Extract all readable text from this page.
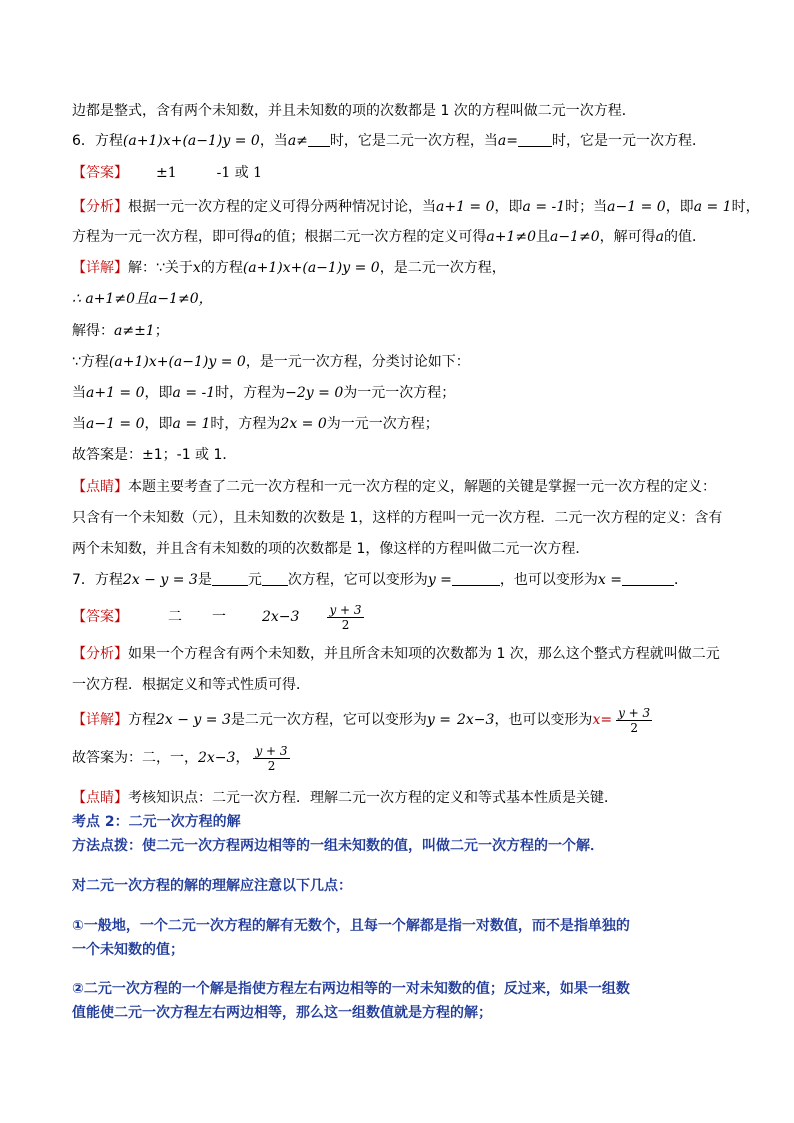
边都是整式，含有两个未知数，并且未知数的项的次数都是 1 次的方程叫做二元一次方程．
6．方程(a+1)x+(a−1)y = 0，当a≠ 时，它是二元一次方程，当a= 时，它是一元一次方程．
【答案】 ±1	-1 或 1
【分析】根据一元一次方程的定义可得分两种情况讨论，当a+1 = 0，即a = -1时；当a−1 = 0，即a = 1时，
方程为一元一次方程，即可得a的值；根据二元一次方程的定义可得a+1≠0且a−1≠0，解可得a的值．
【详解】解：∵关于x的方程(a+1)x+(a−1)y = 0，是二元一次方程，
∴ a+1≠0且a−1≠0，
解得：a≠±1；
∵方程(a+1)x+(a−1)y = 0，是一元一次方程，分类讨论如下：
当a+1 = 0，即a = -1时，方程为−2y = 0为一元一次方程；
当a−1 = 0，即a = 1时，方程为2x = 0为一元一次方程；
故答案是：±1；-1 或 1．
【点睛】本题主要考查了二元一次方程和一元一次方程的定义，解题的关键是掌握一元一次方程的定义：
只含有一个未知数（元），且未知数的次数是 1，这样的方程叫一元一次方程．二元一次方程的定义：含有
两个未知数，并且含有未知数的项的次数都是 1，像这样的方程叫做二元一次方程．
7．方程2x − y = 3是	元 次方程，它可以变形为y =	，也可以变形为x =	．
【答案】	二 一	$2x-3 \frac{y + 3}{2}$
【分析】如果一个方程含有两个未知数，并且所含未知项的次数都为 1 次，那么这个整式方程就叫做二元
一次方程．根据定义和等式性质可得．
【详解】方程2x − y = 3是二元一次方程，它可以变形为y = 2x−3，也可以变形为$x= \frac{y + 3}{2}$
故答案为：二，一，2x−3， $\frac{y + 3}{2}$
【点睛】考核知识点：二元一次方程．理解二元一次方程的定义和等式基本性质是关键．
考点 2：二元一次方程的解
方法点拨：使二元一次方程两边相等的一组未知数的值，叫做二元一次方程的一个解．
对二元一次方程的解的理解应注意以下几点：
①一般地，一个二元一次方程的解有无数个，且每一个解都是指一对数值，而不是指单独的
一个未知数的值；
②二元一次方程的一个解是指使方程左右两边相等的一对未知数的值；反过来，如果一组数
值能使二元一次方程左右两边相等，那么这一组数值就是方程的解；
